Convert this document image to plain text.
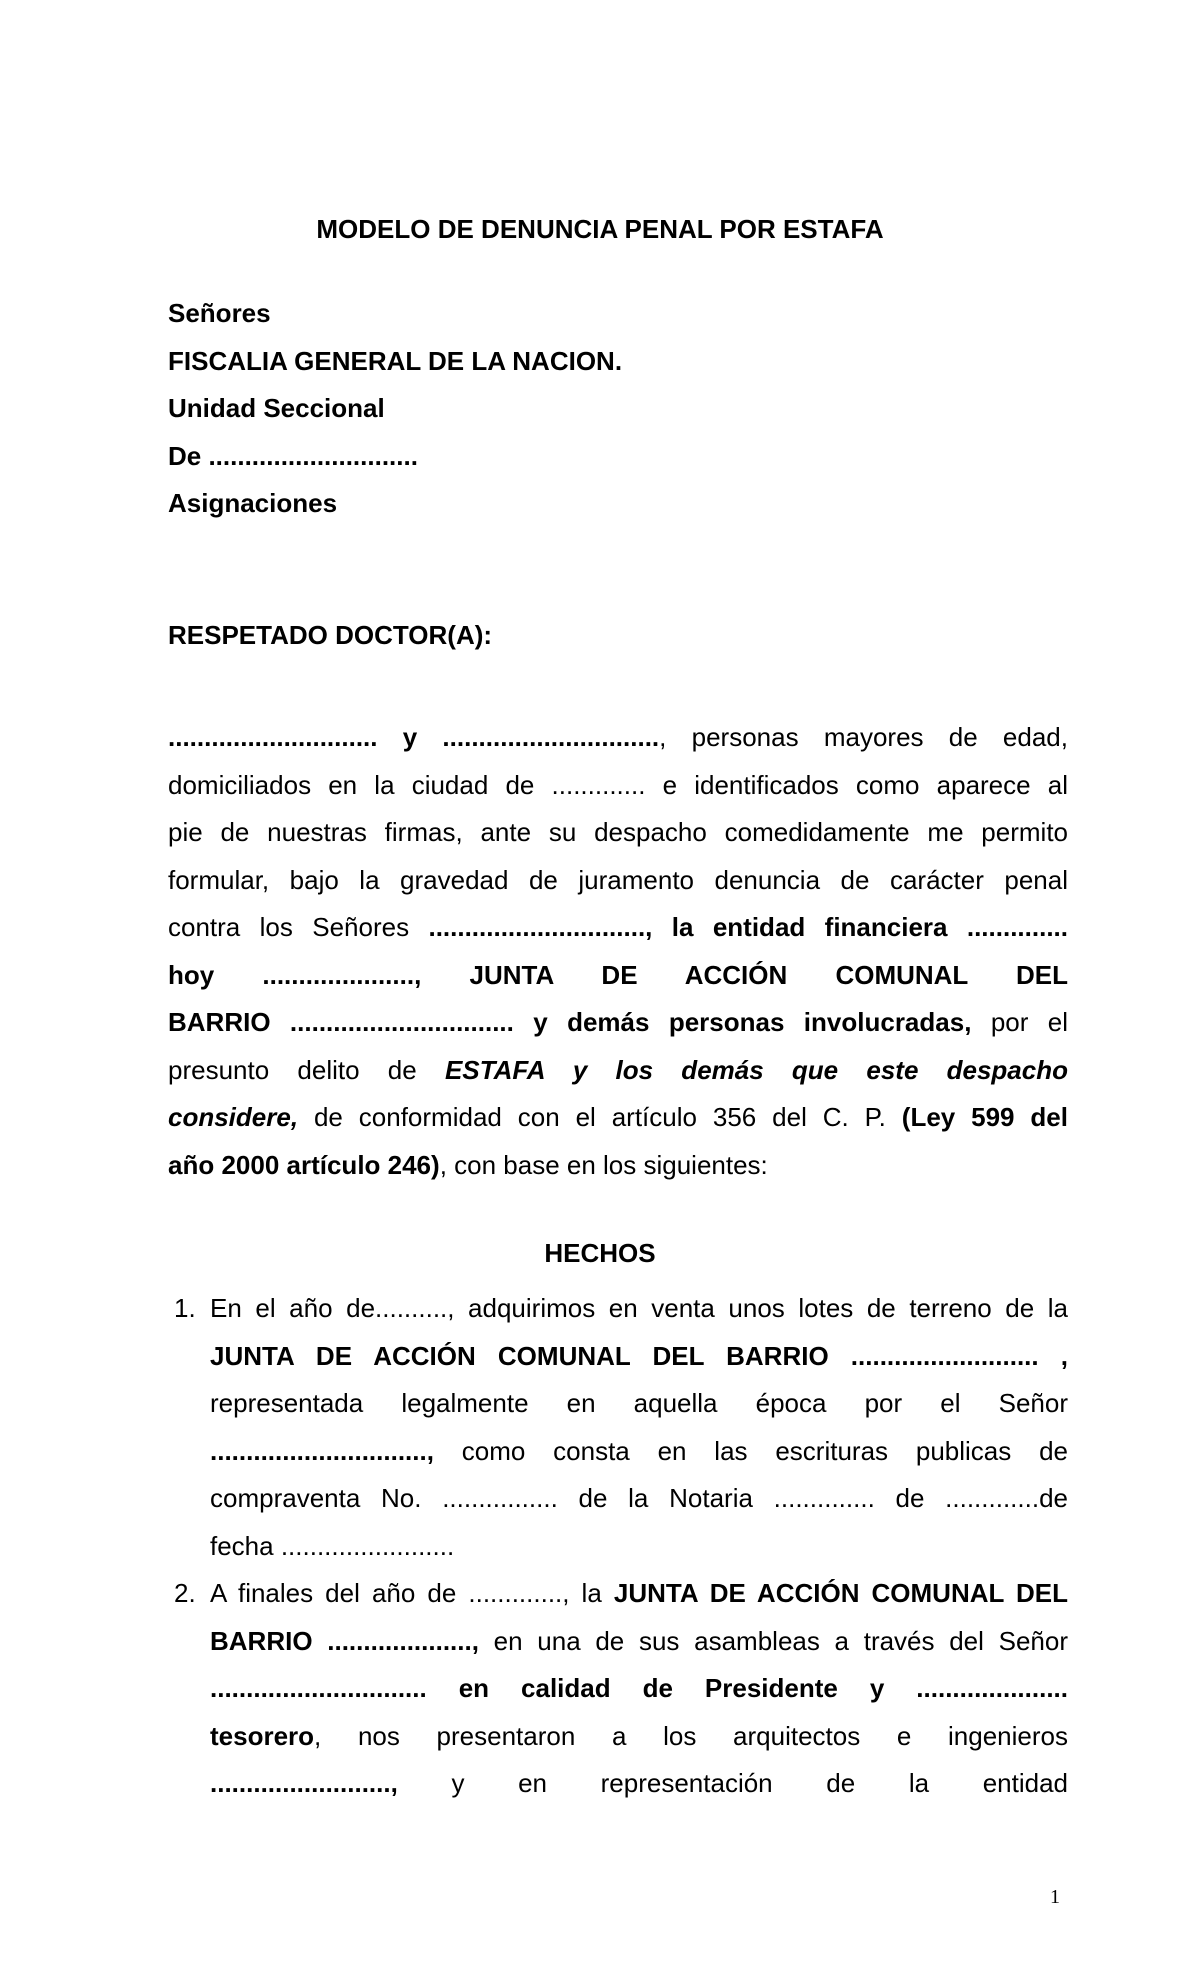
MODELO DE DENUNCIA PENAL POR ESTAFA
Señores
FISCALIA GENERAL DE LA NACION.
Unidad Seccional
De .............................
Asignaciones
RESPETADO DOCTOR(A):
............................. y .............................., personas mayores de edad,
domiciliados en la ciudad de ............. e identificados como aparece al
pie de nuestras firmas, ante su despacho comedidamente me permito
formular, bajo la gravedad de juramento denuncia de carácter penal
contra los Señores .............................., la entidad financiera ..............
hoy ....................., JUNTA DE ACCIÓN COMUNAL DEL
BARRIO ............................... y demás personas involucradas, por el
presunto delito de ESTAFA y los demás que este despacho
considere, de conformidad con el artículo 356 del C. P. (Ley 599 del
año 2000 artículo 246), con base en los siguientes:
HECHOS
1. En el año de.........., adquirimos en venta unos lotes de terreno de la
JUNTA DE ACCIÓN COMUNAL DEL BARRIO .......................... ,
representada legalmente en aquella época por el Señor
.............................., como consta en las escrituras publicas de
compraventa No. ................ de la Notaria .............. de .............de
fecha ........................
2. A finales del año de ............., la JUNTA DE ACCIÓN COMUNAL DEL
BARRIO ...................., en una de sus asambleas a través del Señor
.............................. en calidad de Presidente y .....................
tesorero, nos presentaron a los arquitectos e ingenieros
........................., y en representación de la entidad
1
